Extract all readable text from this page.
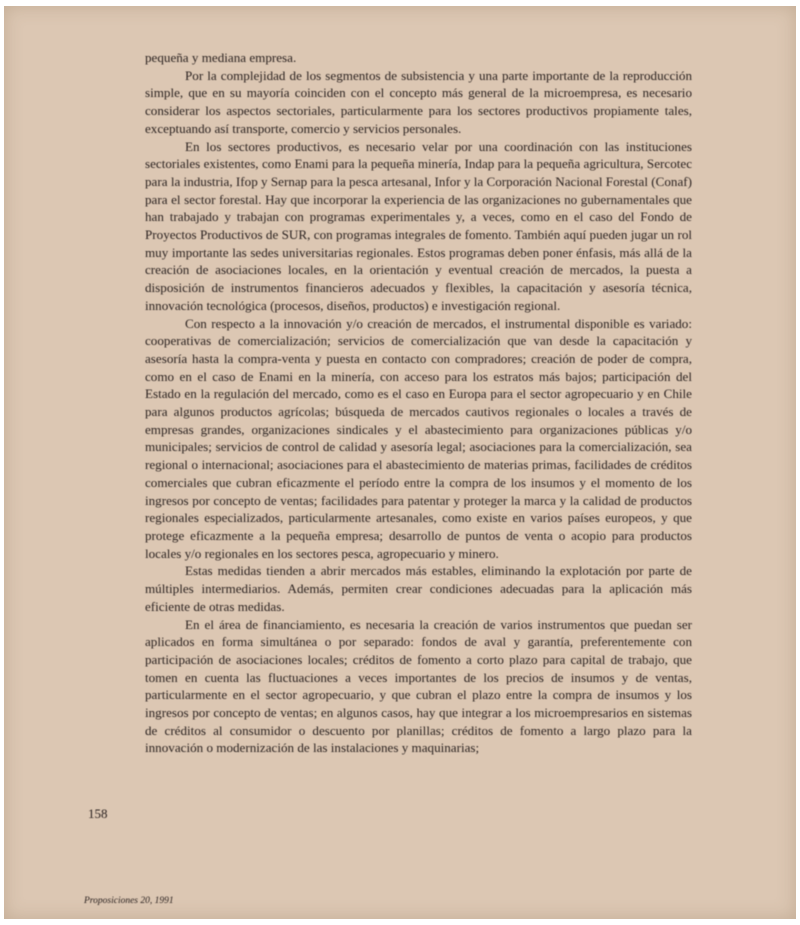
pequeña y mediana empresa.

Por la complejidad de los segmentos de subsistencia y una parte importante de la reproducción simple, que en su mayoría coinciden con el concepto más general de la microempresa, es necesario considerar los aspectos sectoriales, particularmente para los sectores productivos propiamente tales, exceptuando así transporte, comercio y servicios personales.

En los sectores productivos, es necesario velar por una coordinación con las instituciones sectoriales existentes, como Enami para la pequeña minería, Indap para la pequeña agricultura, Sercotec para la industria, Ifop y Sernap para la pesca artesanal, Infor y la Corporación Nacional Forestal (Conaf) para el sector forestal. Hay que incorporar la experiencia de las organizaciones no gubernamentales que han trabajado y trabajan con programas experimentales y, a veces, como en el caso del Fondo de Proyectos Productivos de SUR, con programas integrales de fomento. También aquí pueden jugar un rol muy importante las sedes universitarias regionales. Estos programas deben poner énfasis, más allá de la creación de asociaciones locales, en la orientación y eventual creación de mercados, la puesta a disposición de instrumentos financieros adecuados y flexibles, la capacitación y asesoría técnica, innovación tecnológica (procesos, diseños, productos) e investigación regional.

Con respecto a la innovación y/o creación de mercados, el instrumental disponible es variado: cooperativas de comercialización; servicios de comercialización que van desde la capacitación y asesoría hasta la compra-venta y puesta en contacto con compradores; creación de poder de compra, como en el caso de Enami en la minería, con acceso para los estratos más bajos; participación del Estado en la regulación del mercado, como es el caso en Europa para el sector agropecuario y en Chile para algunos productos agrícolas; búsqueda de mercados cautivos regionales o locales a través de empresas grandes, organizaciones sindicales y el abastecimiento para organizaciones públicas y/o municipales; servicios de control de calidad y asesoría legal; asociaciones para la comercialización, sea regional o internacional; asociaciones para el abastecimiento de materias primas, facilidades de créditos comerciales que cubran eficazmente el período entre la compra de los insumos y el momento de los ingresos por concepto de ventas; facilidades para patentar y proteger la marca y la calidad de productos regionales especializados, particularmente artesanales, como existe en varios países europeos, y que protege eficazmente a la pequeña empresa; desarrollo de puntos de venta o acopio para productos locales y/o regionales en los sectores pesca, agropecuario y minero.

Estas medidas tienden a abrir mercados más estables, eliminando la explotación por parte de múltiples intermediarios. Además, permiten crear condiciones adecuadas para la aplicación más eficiente de otras medidas.

En el área de financiamiento, es necesaria la creación de varios instrumentos que puedan ser aplicados en forma simultánea o por separado: fondos de aval y garantía, preferentemente con participación de asociaciones locales; créditos de fomento a corto plazo para capital de trabajo, que tomen en cuenta las fluctuaciones a veces importantes de los precios de insumos y de ventas, particularmente en el sector agropecuario, y que cubran el plazo entre la compra de insumos y los ingresos por concepto de ventas; en algunos casos, hay que integrar a los microempresarios en sistemas de créditos al consumidor o descuento por planillas; créditos de fomento a largo plazo para la innovación o modernización de las instalaciones y maquinarias;

158
Proposiciones 20, 1991
